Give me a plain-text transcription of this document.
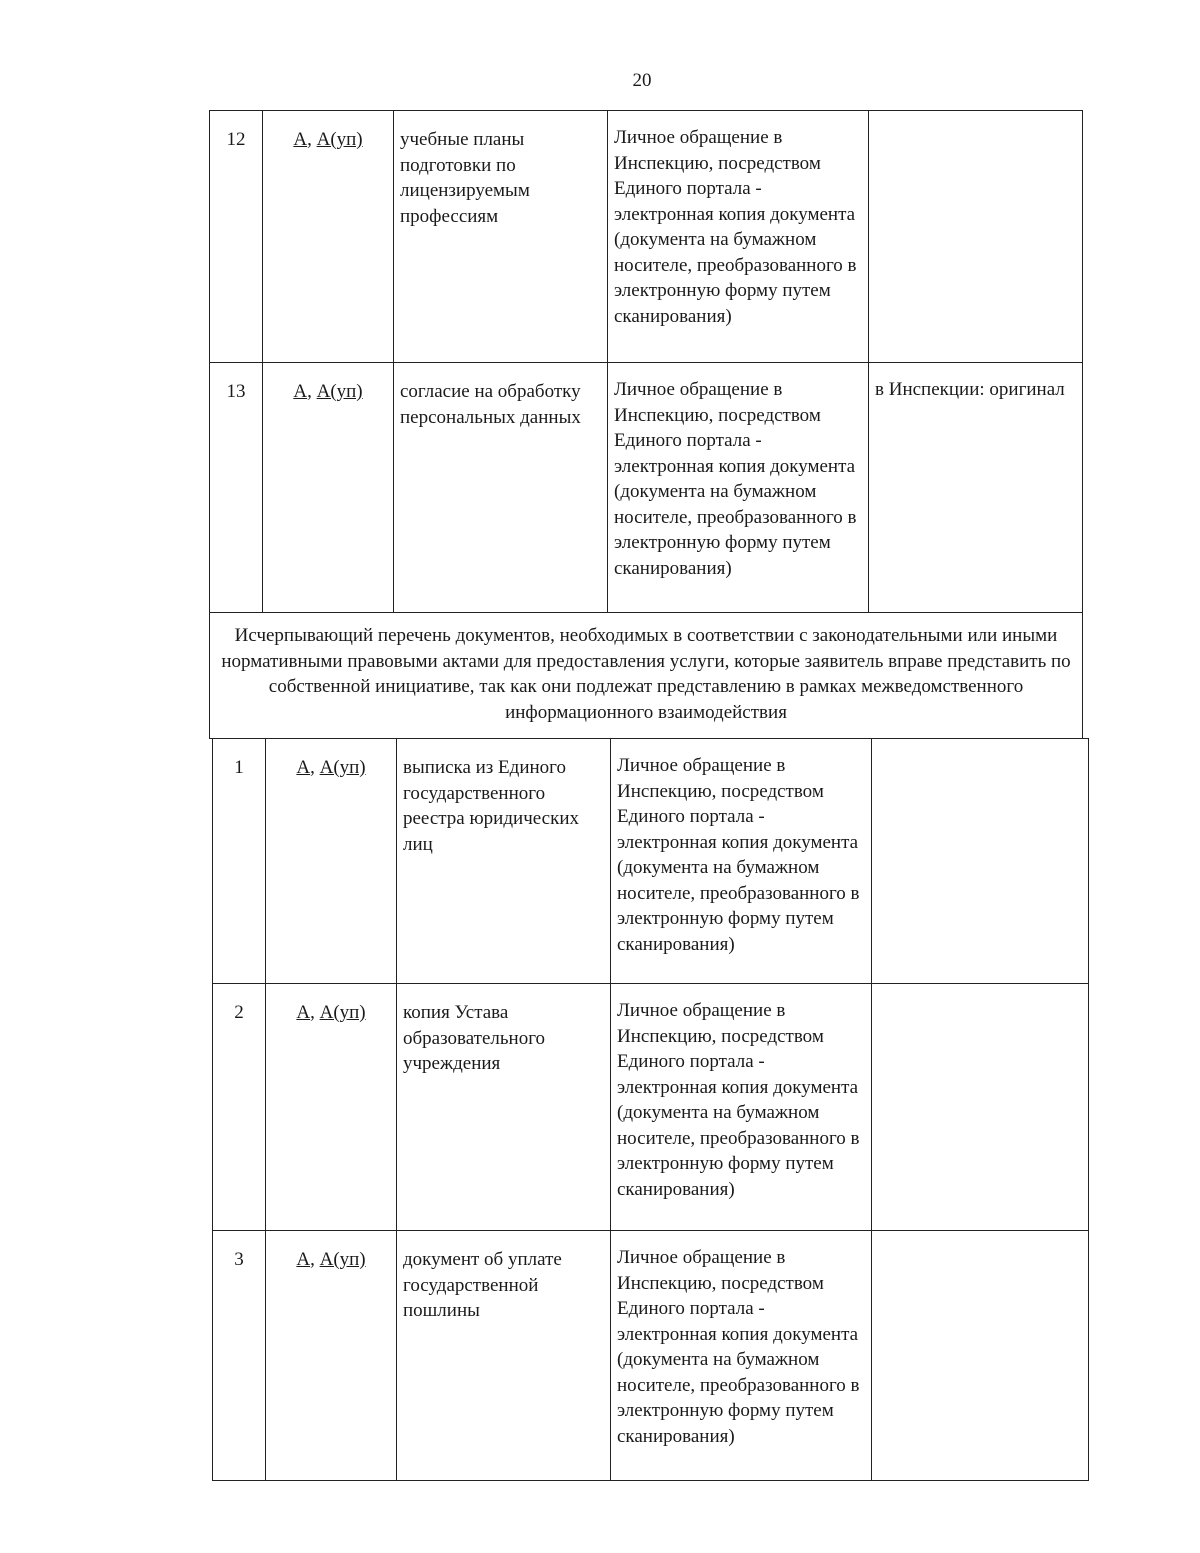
20
12	А, А(уп)	учебные планы подготовки по лицензируемым профессиям	Личное обращение в Инспекцию, посредством Единого портала - электронная копия документа (документа на бумажном носителе, преобразованного в электронную форму путем сканирования)	
13	А, А(уп)	согласие на обработку персональных данных	Личное обращение в Инспекцию, посредством Единого портала - электронная копия документа (документа на бумажном носителе, преобразованного в электронную форму путем сканирования)	в Инспекции: оригинал
Исчерпывающий перечень документов, необходимых в соответствии с законодательными или иными нормативными правовыми актами для предоставления услуги, которые заявитель вправе представить по собственной инициативе, так как они подлежат представлению в рамках межведомственного информационного взаимодействия				
1	А, А(уп)	выписка из Единого государственного реестра юридических лиц	Личное обращение в Инспекцию, посредством Единого портала - электронная копия документа (документа на бумажном носителе, преобразованного в электронную форму путем сканирования)	
2	А, А(уп)	копия Устава образовательного учреждения	Личное обращение в Инспекцию, посредством Единого портала - электронная копия документа (документа на бумажном носителе, преобразованного в электронную форму путем сканирования)	
3	А, А(уп)	документ об уплате государственной пошлины	Личное обращение в Инспекцию, посредством Единого портала - электронная копия документа (документа на бумажном носителе, преобразованного в электронную форму путем сканирования)	
